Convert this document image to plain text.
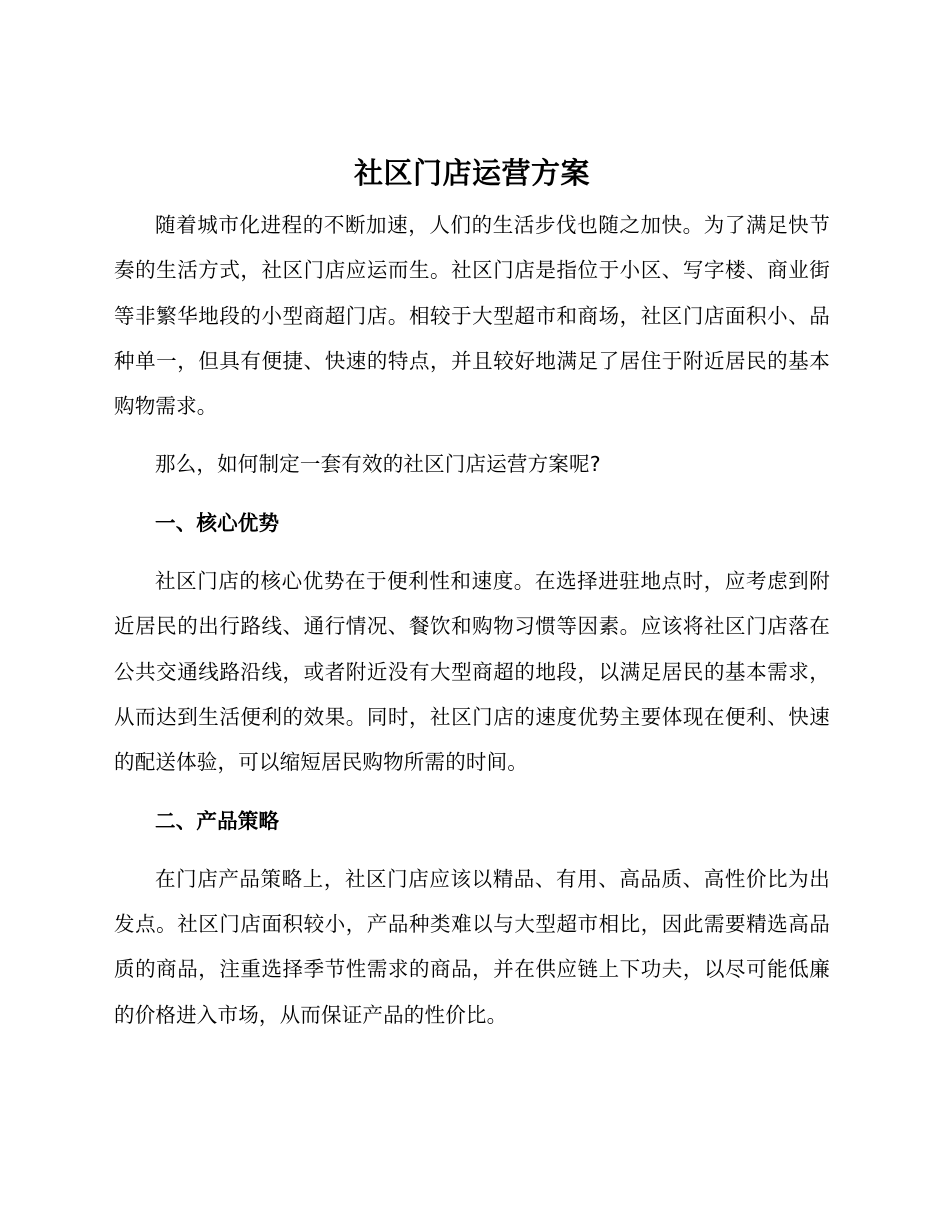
社区门店运营方案

随着城市化进程的不断加速，人们的生活步伐也随之加快。为了满足快节奏的生活方式，社区门店应运而生。社区门店是指位于小区、写字楼、商业街等非繁华地段的小型商超门店。相较于大型超市和商场，社区门店面积小、品种单一，但具有便捷、快速的特点，并且较好地满足了居住于附近居民的基本购物需求。

那么，如何制定一套有效的社区门店运营方案呢?

一、核心优势

社区门店的核心优势在于便利性和速度。在选择进驻地点时，应考虑到附近居民的出行路线、通行情况、餐饮和购物习惯等因素。应该将社区门店落在公共交通线路沿线，或者附近没有大型商超的地段，以满足居民的基本需求，从而达到生活便利的效果。同时，社区门店的速度优势主要体现在便利、快速的配送体验，可以缩短居民购物所需的时间。

二、产品策略

在门店产品策略上，社区门店应该以精品、有用、高品质、高性价比为出发点。社区门店面积较小，产品种类难以与大型超市相比，因此需要精选高品质的商品，注重选择季节性需求的商品，并在供应链上下功夫，以尽可能低廉的价格进入市场，从而保证产品的性价比。
